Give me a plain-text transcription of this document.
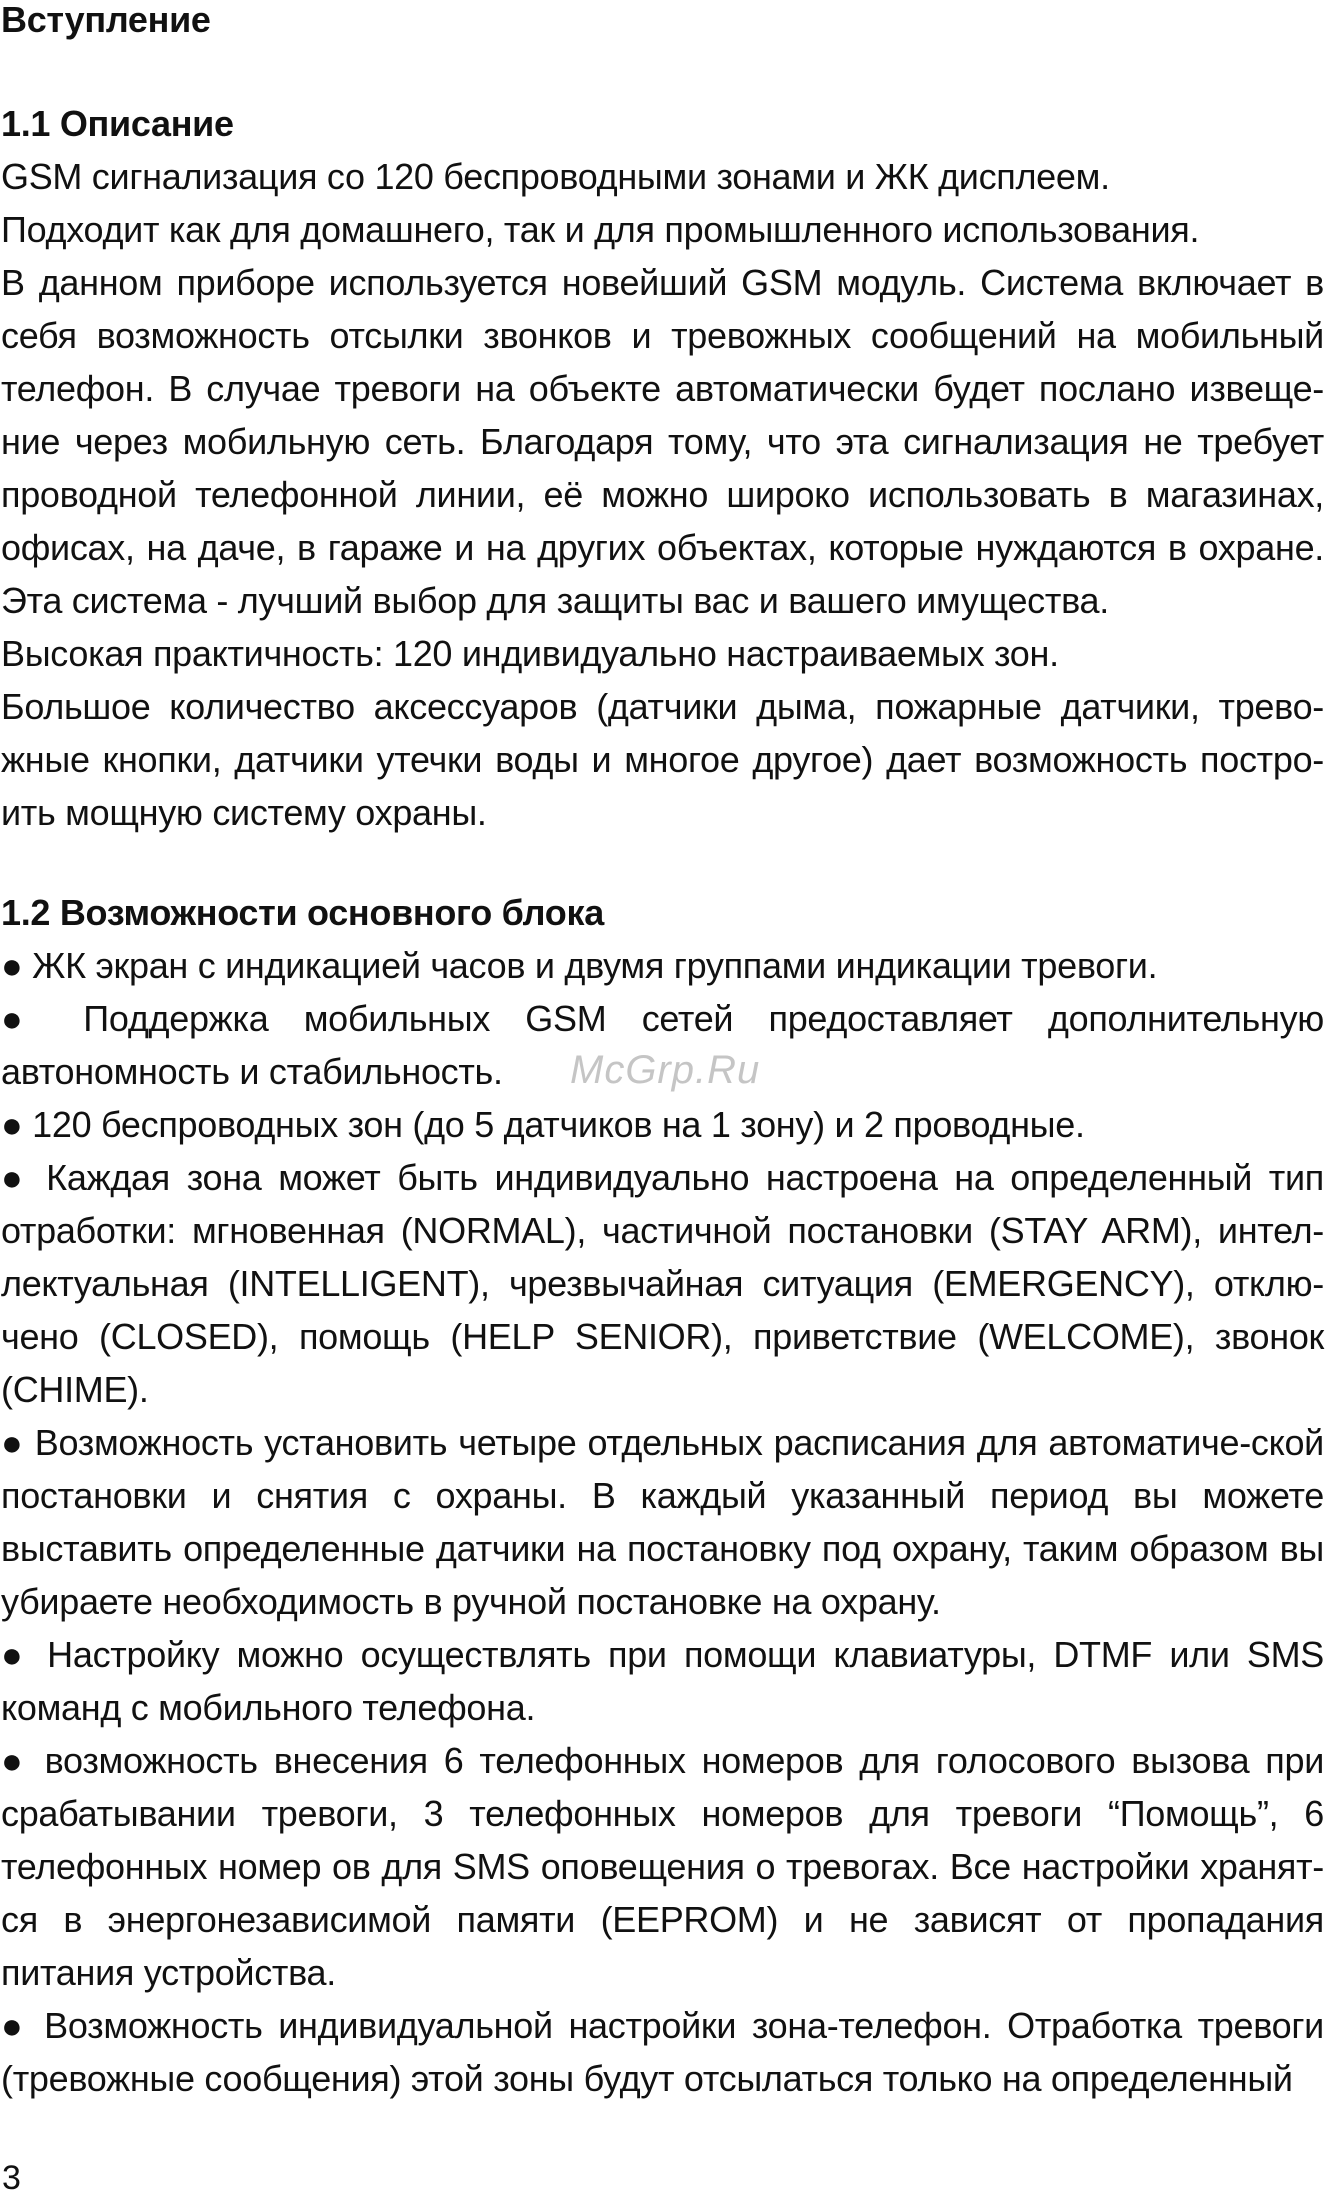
Вступление
1.1 Описание

GSM сигнализация со 120 беспроводными зонами и ЖК дисплеем.
Подходит как для домашнего, так и для промышленного использования.
В данном приборе используется новейший GSM модуль. Система включает в
себя возможность отсылки звонков и тревожных сообщений на мобильный
телефон. В случае тревоги на объекте автоматически будет послано извеще-
ние через мобильную сеть. Благодаря тому, что эта сигнализация не требует
проводной телефонной линии, её можно широко использовать в магазинах,
офисах, на даче, в гараже и на других объектах, которые нуждаются в охране.
Эта система - лучший выбор для защиты вас и вашего имущества.
Высокая практичность: 120 индивидуально настраиваемых зон.
Большое количество аксессуаров (датчики дыма, пожарные датчики, трево-
жные кнопки, датчики утечки воды и многое другое) дает возможность постро-
ить мощную систему охраны.

1.2 Возможности основного блока

● ЖК экран с индикацией часов и двумя группами индикации тревоги.

● Поддержка мобильных GSM сетей предоставляет дополнительную автономность и стабильность.

● 120 беспроводных зон (до 5 датчиков на 1 зону) и 2 проводные.

● Каждая зона может быть индивидуально настроена на определенный тип отработки: мгновенная (NORMAL), частичной постановки (STAY ARM), интел-лектуальная (INTELLIGENT), чрезвычайная ситуация (EMERGENCY), отклю-чено (CLOSED), помощь (HELP SENIOR), приветствие (WELCOME), звонок (CHIME).

● Возможность установить четыре отдельных расписания для автоматиче-ской постановки и снятия с охраны. В каждый указанный период вы можете выставить определенные датчики на постановку под охрану, таким образом вы убираете необходимость в ручной постановке на охрану.

● Настройку можно осуществлять при помощи клавиатуры, DTMF или SMS команд с мобильного телефона.

● возможность внесения 6 телефонных номеров для голосового вызова при срабатывании тревоги, 3 телефонных номеров для тревоги “Помощь”, 6 телефонных номер ов для SMS оповещения о тревогах. Все настройки хранят-ся в энергонезависимой памяти (EEPROM) и не зависят от пропадания питания устройства.

● Возможность индивидуальной настройки зона-телефон. Отработка тревоги (тревожные сообщения) этой зоны будут отсылаться только на определенный

McGrp.Ru
3
